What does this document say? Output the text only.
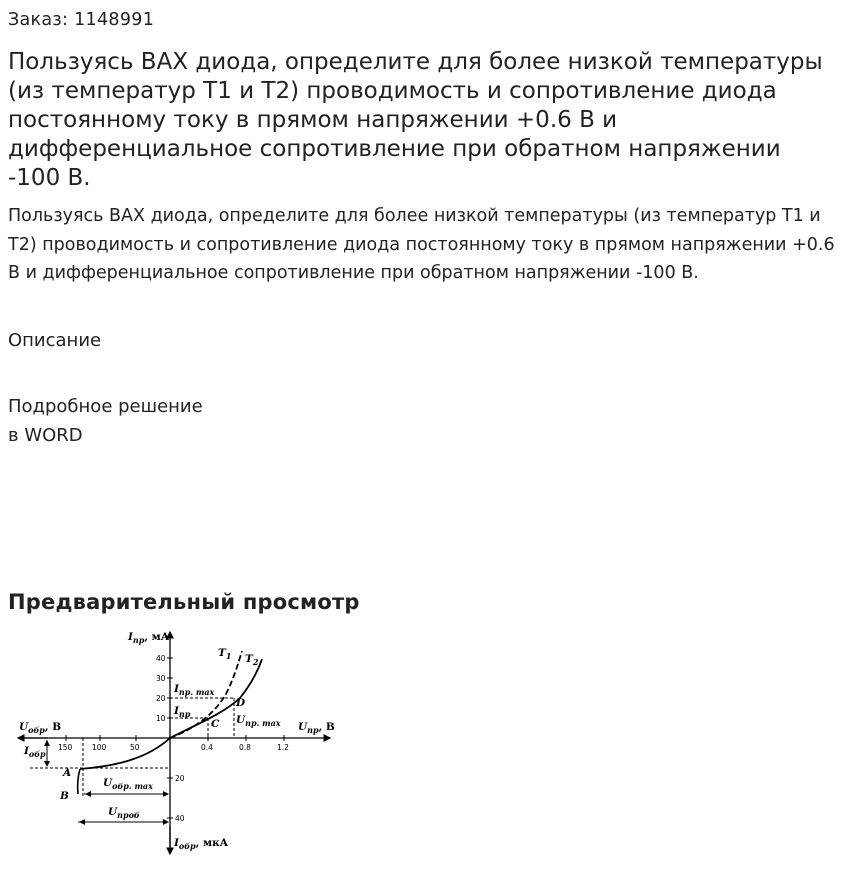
Заказ: 1148991
Пользуясь ВАХ диода, определите для более низкой температуры (из температур Т1 и Т2) проводимость и сопротивление диода постоянному току в прямом напряжении +0.6 В и дифференциальное сопротивление при обратном напряжении -100 В.

Пользуясь ВАХ диода, определите для более низкой температуры (из температур Т1 и Т2) проводимость и сопротивление диода постоянному току в прямом напряжении +0.6 В и дифференциальное сопротивление при обратном напряжении -100 В.

Описание
Подробное решение
в WORD
Предварительный просмотр
40
30
20
10
0.4	0.8	1.2
150	100	50
20
40
$I_{пр}$, мА
$U_{пр}$, В
$U_{обр}$, В
$I_{обр}$, мкА
$I_{обр}$
$T_1$ $T_2$
$I_{пр. max}$
$I_{пр}$	$U_{пр. max}$
$U_{обр. max}$
$U_{проб}$
A
B
C
D
